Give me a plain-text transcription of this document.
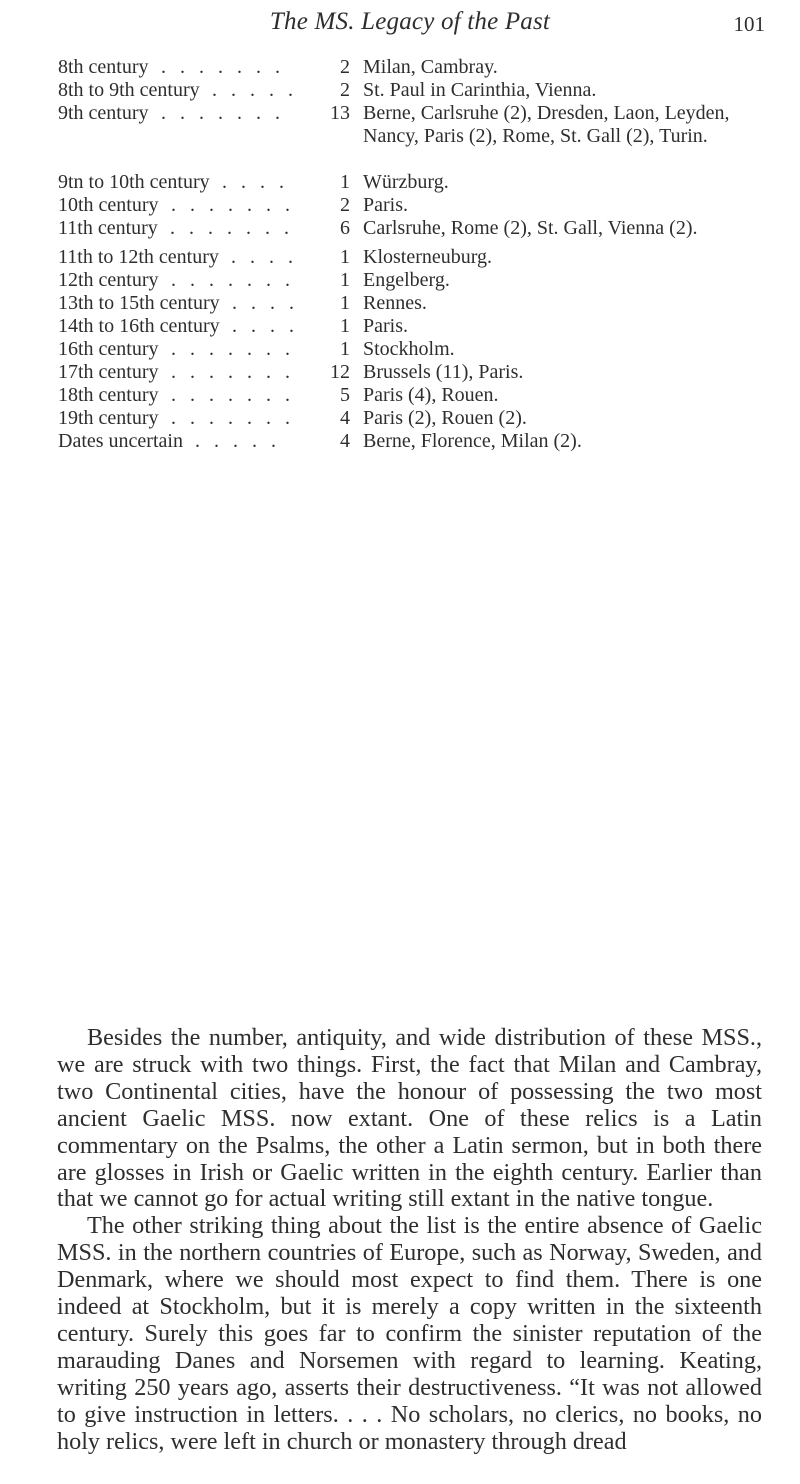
The MS. Legacy of the Past	101
8th century .......	2 Milan, Cambray.
8th to 9th century .....	2 St. Paul in Carinthia, Vienna.
9th century .......	13 Berne, Carlsruhe (2), Dresden, Laon, Leyden, Nancy, Paris (2), Rome, St. Gall (2), Turin.
9tn to 10th century ....	1 Würzburg.
10th century .......	2 Paris.
11th century .......	6 Carlsruhe, Rome (2), St. Gall, Vienna (2).
11th to 12th century ....	1 Klosterneuburg.
12th century .......	1 Engelberg.
13th to 15th century ....	1 Rennes.
14th to 16th century ....	1 Paris.
16th century .......	1 Stockholm.
17th century .......	12 Brussels (11), Paris.
18th century .......	5 Paris (4), Rouen.
19th century .......	4 Paris (2), Rouen (2).
Dates uncertain .....	4 Berne, Florence, Milan (2).

Besides the number, antiquity, and wide distribution of these MSS., we are struck with two things. First, the fact that Milan and Cambray, two Continental cities, have the honour of possessing the two most ancient Gaelic MSS. now extant. One of these relics is a Latin commentary on the Psalms, the other a Latin sermon, but in both there are glosses in Irish or Gaelic written in the eighth century. Earlier than that we cannot go for actual writing still extant in the native tongue.

The other striking thing about the list is the entire absence of Gaelic MSS. in the northern countries of Europe, such as Norway, Sweden, and Denmark, where we should most expect to find them. There is one indeed at Stockholm, but it is merely a copy written in the sixteenth century. Surely this goes far to confirm the sinister reputation of the marauding Danes and Norsemen with regard to learning. Keating, writing 250 years ago, asserts their destructiveness. “It was not allowed to give instruction in letters. . . . No scholars, no clerics, no books, no holy relics, were left in church or monastery through dread
